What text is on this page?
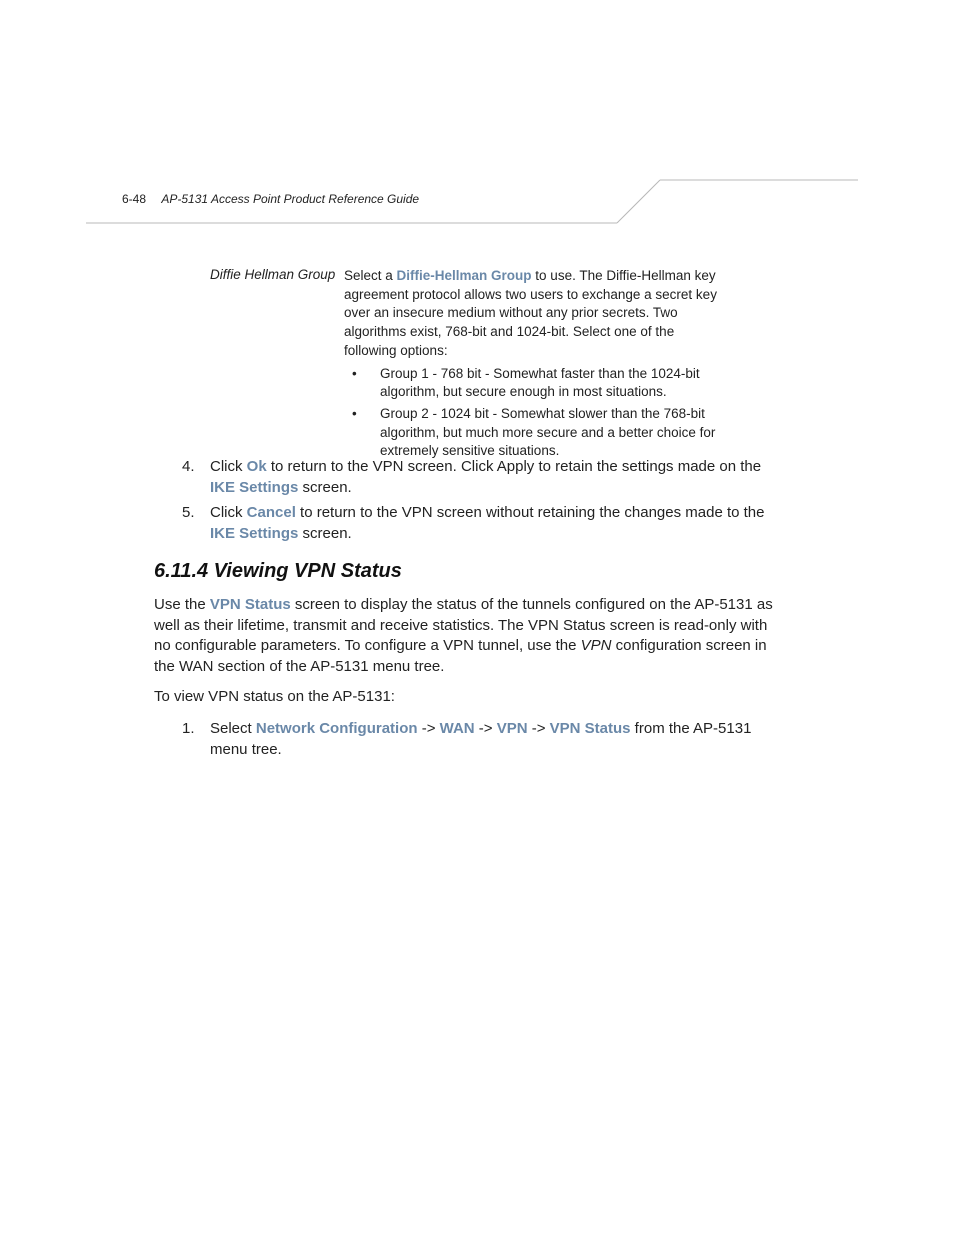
6-48 AP-5131 Access Point Product Reference Guide
Diffie Hellman Group Select a Diffie-Hellman Group to use. The Diffie-Hellman key agreement protocol allows two users to exchange a secret key over an insecure medium without any prior secrets. Two algorithms exist, 768-bit and 1024-bit. Select one of the following options:

• Group 1 - 768 bit - Somewhat faster than the 1024-bit algorithm, but secure enough in most situations.
• Group 2 - 1024 bit - Somewhat slower than the 768-bit algorithm, but much more secure and a better choice for extremely sensitive situations.
4. Click Ok to return to the VPN screen. Click Apply to retain the settings made on the IKE Settings screen.
5. Click Cancel to return to the VPN screen without retaining the changes made to the IKE Settings screen.
6.11.4 Viewing VPN Status

Use the VPN Status screen to display the status of the tunnels configured on the AP-5131 as well as their lifetime, transmit and receive statistics. The VPN Status screen is read-only with no configurable parameters. To configure a VPN tunnel, use the VPN configuration screen in the WAN section of the AP-5131 menu tree.

To view VPN status on the AP-5131:

1. Select Network Configuration -> WAN -> VPN -> VPN Status from the AP-5131 menu tree.
